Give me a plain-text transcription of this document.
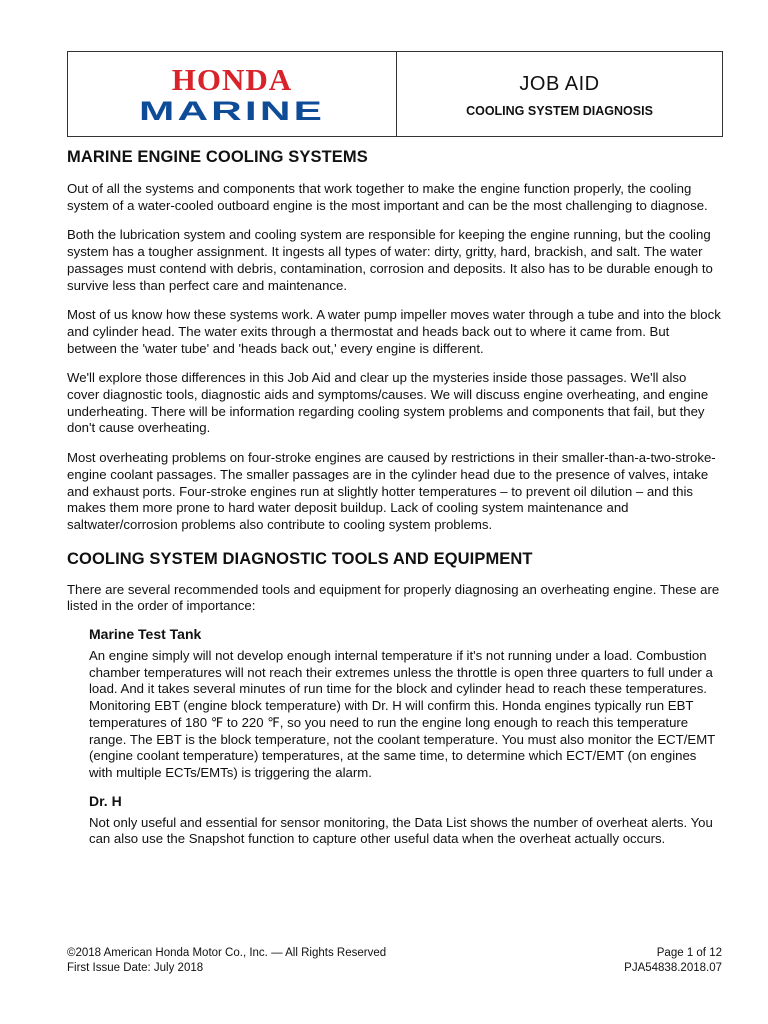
HONDA
MARINE
JOB AID
COOLING SYSTEM DIAGNOSIS
MARINE ENGINE COOLING SYSTEMS

Out of all the systems and components that work together to make the engine function properly, the cooling system of a water-cooled outboard engine is the most important and can be the most challenging to diagnose.

Both the lubrication system and cooling system are responsible for keeping the engine running, but the cooling system has a tougher assignment. It ingests all types of water: dirty, gritty, hard, brackish, and salt. The water passages must contend with debris, contamination, corrosion and deposits. It also has to be durable enough to survive less than perfect care and maintenance.

Most of us know how these systems work. A water pump impeller moves water through a tube and into the block and cylinder head. The water exits through a thermostat and heads back out to where it came from. But between the 'water tube' and 'heads back out,' every engine is different.

We'll explore those differences in this Job Aid and clear up the mysteries inside those passages. We'll also cover diagnostic tools, diagnostic aids and symptoms/causes. We will discuss engine overheating, and engine underheating. There will be information regarding cooling system problems and components that fail, but they don't cause overheating.

Most overheating problems on four-stroke engines are caused by restrictions in their smaller-than-a-two-stroke-engine coolant passages. The smaller passages are in the cylinder head due to the presence of valves, intake and exhaust ports. Four-stroke engines run at slightly hotter temperatures – to prevent oil dilution – and this makes them more prone to hard water deposit buildup. Lack of cooling system maintenance and saltwater/corrosion problems also contribute to cooling system problems.

COOLING SYSTEM DIAGNOSTIC TOOLS AND EQUIPMENT

There are several recommended tools and equipment for properly diagnosing an overheating engine. These are listed in the order of importance:

Marine Test Tank

An engine simply will not develop enough internal temperature if it's not running under a load. Combustion chamber temperatures will not reach their extremes unless the throttle is open three quarters to full under a load. And it takes several minutes of run time for the block and cylinder head to reach these temperatures. Monitoring EBT (engine block temperature) with Dr. H will confirm this. Honda engines typically run EBT temperatures of 180 ℉ to 220 ℉, so you need to run the engine long enough to reach this temperature range. The EBT is the block temperature, not the coolant temperature. You must also monitor the ECT/EMT (engine coolant temperature) temperatures, at the same time, to determine which ECT/EMT (on engines with multiple ECTs/EMTs) is triggering the alarm.

Dr. H

Not only useful and essential for sensor monitoring, the Data List shows the number of overheat alerts. You can also use the Snapshot function to capture other useful data when the overheat actually occurs.

©2018 American Honda Motor Co., Inc. — All Rights Reserved
First Issue Date: July 2018
Page 1 of 12
PJA54838.2018.07
